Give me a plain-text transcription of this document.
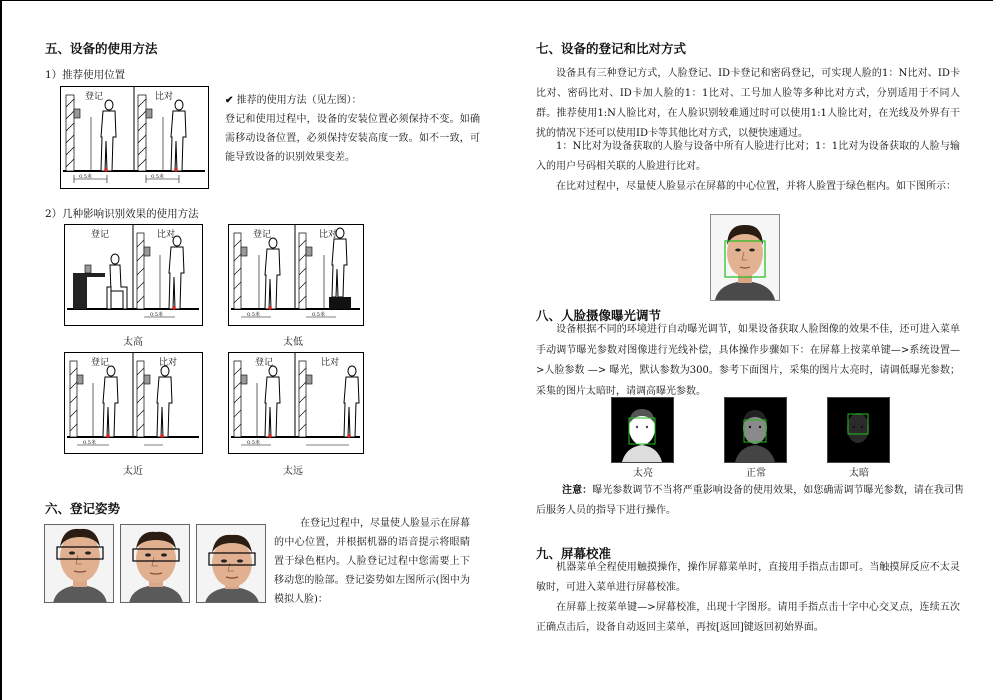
五、设备的使用方法
1）推荐使用位置
登记	比对
0.5米	0.5米
✔ 推荐的使用方法（见左图）：
登记和使用过程中，设备的安装位置必须保持不变。如确需移动设备位置，必须保持安装高度一致。如不一致，可能导致设备的识别效果变差。
2）几种影响识别效果的使用方法
登记	比对
0.5米
太高
登记	比对
0.5米	0.5米
太低
登记	比对
0.5米
太近
登记	比对
0.5米
太远
六、登记姿势
在登记过程中，尽量使人脸显示在屏幕的中心位置，并根据机器的语音提示将眼睛置于绿色框内。人脸登记过程中您需要上下移动您的脸部。登记姿势如左图所示(图中为模拟人脸)：
七、设备的登记和比对方式
设备具有三种登记方式，人脸登记、ID卡登记和密码登记，可实现人脸的1：N比对、ID卡比对、密码比对、ID卡加人脸的1：1比对、工号加人脸等多种比对方式，分别适用于不同人群。推荐使用1:N人脸比对，在人脸识别较难通过时可以使用1:1人脸比对，在光线及外界有干扰的情况下还可以使用ID卡等其他比对方式，以便快速通过。
1：N比对为设备获取的人脸与设备中所有人脸进行比对；1：1比对为设备获取的人脸与输入的用户号码相关联的人脸进行比对。
在比对过程中，尽量使人脸显示在屏幕的中心位置，并将人脸置于绿色框内。如下图所示：
八、人脸摄像曝光调节
设备根据不同的环境进行自动曝光调节，如果设备获取人脸图像的效果不佳，还可进入菜单手动调节曝光参数对图像进行光线补偿，具体操作步骤如下：在屏幕上按菜单键—>系统设置—>人脸参数 —> 曝光，默认参数为300。参考下面图片，采集的图片太亮时，请调低曝光参数；采集的图片太暗时，请调高曝光参数。
太亮	正常	太暗
注意：曝光参数调节不当将严重影响设备的使用效果，如您确需调节曝光参数，请在我司售后服务人员的指导下进行操作。
九、屏幕校准
机器菜单全程使用触摸操作，操作屏幕菜单时，直接用手指点击即可。当触摸屏反应不太灵敏时，可进入菜单进行屏幕校准。
在屏幕上按菜单键—>屏幕校准，出现十字图形。请用手指点击十字中心交叉点，连续五次正确点击后，设备自动返回主菜单，再按[返回]键返回初始界面。
